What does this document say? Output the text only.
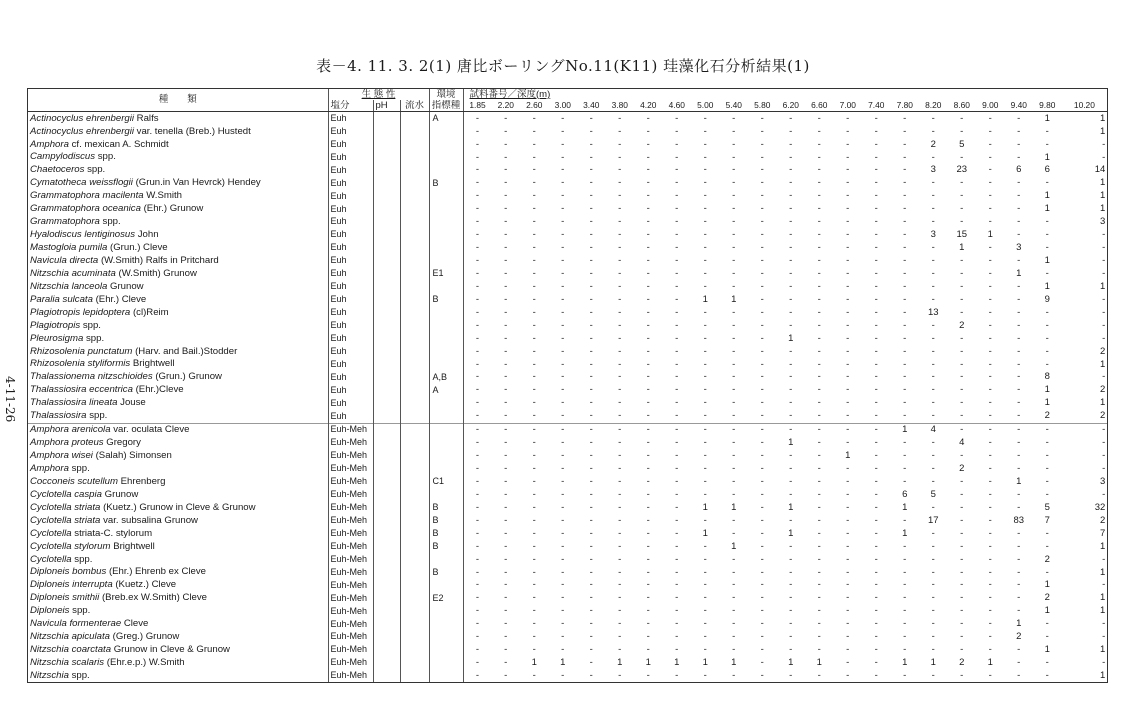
表－4. 11. 3. 2(1) 唐比ボーリングNo.11(K11) 珪藻化石分析結果(1)
4-11-26
種　　類	生 態 性			環境	試料番号／深度(m)																					
	塩分	pH	流水	指標種	1.85	2.20	2.60	3.00	3.40	3.80	4.20	4.60	5.00	5.40	5.80	6.20	6.60	7.00	7.40	7.80	8.20	8.60	9.00	9.40	9.80	10.20
Actinocyclus ehrenbergii Ralfs	Euh			A	-	-	-	-	-	-	-	-	-	-	-	-	-	-	-	-	-	-	-	-	1	1
Actinocyclus ehrenbergii var. tenella (Breb.) Hustedt	Euh				-	-	-	-	-	-	-	-	-	-	-	-	-	-	-	-	-	-	-	-	-	1
Amphora cf. mexican A. Schmidt	Euh				-	-	-	-	-	-	-	-	-	-	-	-	-	-	-	-	2	5	-	-	-	-
Campylodiscus spp.	Euh				-	-	-	-	-	-	-	-	-	-	-	-	-	-	-	-	-	-	-	-	1	-
Chaetoceros spp.	Euh				-	-	-	-	-	-	-	-	-	-	-	-	-	-	-	-	3	23	-	6	6	14
Cymatotheca weissflogii (Grun.in Van Hevrck) Hendey	Euh			B	-	-	-	-	-	-	-	-	-	-	-	-	-	-	-	-	-	-	-	-	-	1
Grammatophora macilenta W.Smith	Euh				-	-	-	-	-	-	-	-	-	-	-	-	-	-	-	-	-	-	-	-	1	1
Grammatophora oceanica (Ehr.) Grunow	Euh				-	-	-	-	-	-	-	-	-	-	-	-	-	-	-	-	-	-	-	-	1	1
Grammatophora spp.	Euh				-	-	-	-	-	-	-	-	-	-	-	-	-	-	-	-	-	-	-	-	-	3
Hyalodiscus lentiginosus John	Euh				-	-	-	-	-	-	-	-	-	-	-	-	-	-	-	-	3	15	1	-	-	-
Mastogloia pumila (Grun.) Cleve	Euh				-	-	-	-	-	-	-	-	-	-	-	-	-	-	-	-	-	1	-	3	-	-
Navicula directa (W.Smith) Ralfs in Pritchard	Euh				-	-	-	-	-	-	-	-	-	-	-	-	-	-	-	-	-	-	-	-	1	-
Nitzschia acuminata (W.Smith) Grunow	Euh			E1	-	-	-	-	-	-	-	-	-	-	-	-	-	-	-	-	-	-	-	1	-	-
Nitzschia lanceola Grunow	Euh				-	-	-	-	-	-	-	-	-	-	-	-	-	-	-	-	-	-	-	-	1	1
Paralia sulcata (Ehr.) Cleve	Euh			B	-	-	-	-	-	-	-	-	1	1	-	-	-	-	-	-	-	-	-	-	9	-
Plagiotropis lepidoptera (cl)Reim	Euh				-	-	-	-	-	-	-	-	-	-	-	-	-	-	-	-	13	-	-	-	-	-
Plagiotropis spp.	Euh				-	-	-	-	-	-	-	-	-	-	-	-	-	-	-	-	-	2	-	-	-	-
Pleurosigma spp.	Euh				-	-	-	-	-	-	-	-	-	-	-	1	-	-	-	-	-	-	-	-	-	-
Rhizosolenia punctatum (Harv. and Bail.)Stodder	Euh				-	-	-	-	-	-	-	-	-	-	-	-	-	-	-	-	-	-	-	-	-	2
Rhizosolenia styliformis Brightwell	Euh				-	-	-	-	-	-	-	-	-	-	-	-	-	-	-	-	-	-	-	-	-	1
Thalassionema nitzschioides (Grun.) Grunow	Euh			A,B	-	-	-	-	-	-	-	-	-	-	-	-	-	-	-	-	-	-	-	-	8	-
Thalassiosira eccentrica (Ehr.)Cleve	Euh			A	-	-	-	-	-	-	-	-	-	-	-	-	-	-	-	-	-	-	-	-	1	2
Thalassiosira lineata Jouse	Euh				-	-	-	-	-	-	-	-	-	-	-	-	-	-	-	-	-	-	-	-	1	1
Thalassiosira spp.	Euh				-	-	-	-	-	-	-	-	-	-	-	-	-	-	-	-	-	-	-	-	2	2
Amphora arenicola var. oculata Cleve	Euh-Meh				-	-	-	-	-	-	-	-	-	-	-	-	-	-	-	1	4	-	-	-	-	-
Amphora proteus Gregory	Euh-Meh				-	-	-	-	-	-	-	-	-	-	-	1	-	-	-	-	-	4	-	-	-	-
Amphora wisei (Salah) Simonsen	Euh-Meh				-	-	-	-	-	-	-	-	-	-	-	-	-	1	-	-	-	-	-	-	-	-
Amphora spp.	Euh-Meh				-	-	-	-	-	-	-	-	-	-	-	-	-	-	-	-	-	2	-	-	-	-
Cocconeis scutellum Ehrenberg	Euh-Meh			C1	-	-	-	-	-	-	-	-	-	-	-	-	-	-	-	-	-	-	-	1	-	3
Cyclotella caspia Grunow	Euh-Meh				-	-	-	-	-	-	-	-	-	-	-	-	-	-	-	6	5	-	-	-	-	-
Cyclotella striata (Kuetz.) Grunow in Cleve & Grunow	Euh-Meh			B	-	-	-	-	-	-	-	-	1	1	-	1	-	-	-	1	-	-	-	-	5	32
Cyclotella striata var. subsalina Grunow	Euh-Meh			B	-	-	-	-	-	-	-	-	-	-	-	-	-	-	-	-	17	-	-	83	7	2
Cyclotella striata-C. stylorum	Euh-Meh			B	-	-	-	-	-	-	-	-	1	-	-	1	-	-	-	1	-	-	-	-	-	7
Cyclotella stylorum Brightwell	Euh-Meh			B	-	-	-	-	-	-	-	-	-	1	-	-	-	-	-	-	-	-	-	-	-	1
Cyclotella spp.	Euh-Meh				-	-	-	-	-	-	-	-	-	-	-	-	-	-	-	-	-	-	-	-	2	-
Diploneis bombus (Ehr.) Ehrenb ex Cleve	Euh-Meh			B	-	-	-	-	-	-	-	-	-	-	-	-	-	-	-	-	-	-	-	-	-	1
Diploneis interrupta (Kuetz.) Cleve	Euh-Meh				-	-	-	-	-	-	-	-	-	-	-	-	-	-	-	-	-	-	-	-	1	-
Diploneis smithii (Breb.ex W.Smith) Cleve	Euh-Meh			E2	-	-	-	-	-	-	-	-	-	-	-	-	-	-	-	-	-	-	-	-	2	1
Diploneis spp.	Euh-Meh				-	-	-	-	-	-	-	-	-	-	-	-	-	-	-	-	-	-	-	-	1	1
Navicula formenterae Cleve	Euh-Meh				-	-	-	-	-	-	-	-	-	-	-	-	-	-	-	-	-	-	-	1	-	-
Nitzschia apiculata (Greg.) Grunow	Euh-Meh				-	-	-	-	-	-	-	-	-	-	-	-	-	-	-	-	-	-	-	2	-	-
Nitzschia coarctata Grunow in Cleve & Grunow	Euh-Meh				-	-	-	-	-	-	-	-	-	-	-	-	-	-	-	-	-	-	-	-	1	1
Nitzschia scalaris (Ehr.e.p.) W.Smith	Euh-Meh				-	-	1	1	-	1	1	1	1	1	-	1	1	-	-	1	1	2	1	-	-	-
Nitzschia spp.	Euh-Meh				-	-	-	-	-	-	-	-	-	-	-	-	-	-	-	-	-	-	-	-	-	1
